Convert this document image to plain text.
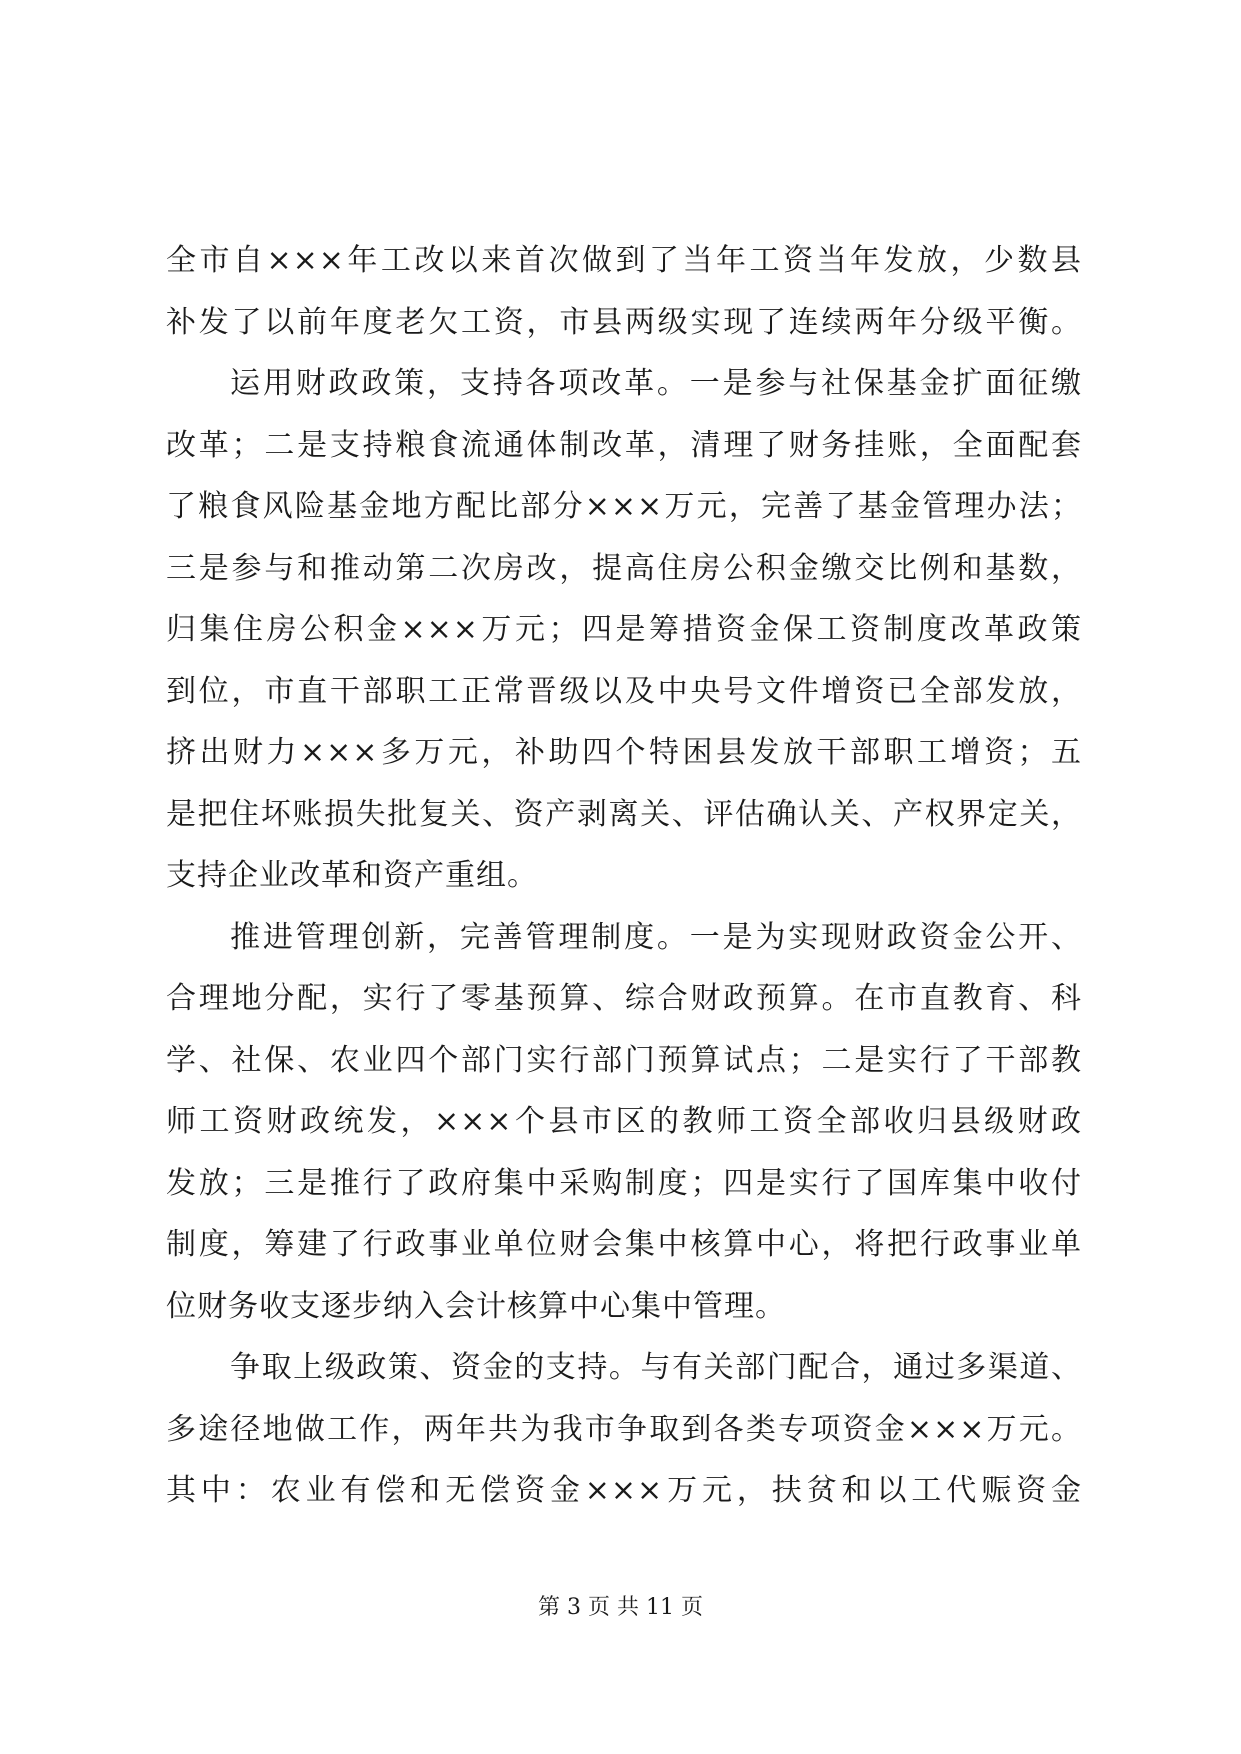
全市自×××年工改以来首次做到了当年工资当年发放，少数县
补发了以前年度老欠工资，市县两级实现了连续两年分级平衡。
运用财政政策，支持各项改革。一是参与社保基金扩面征缴
改革；二是支持粮食流通体制改革，清理了财务挂账，全面配套
了粮食风险基金地方配比部分×××万元，完善了基金管理办法；
三是参与和推动第二次房改，提高住房公积金缴交比例和基数，
归集住房公积金×××万元；四是筹措资金保工资制度改革政策
到位，市直干部职工正常晋级以及中央号文件增资已全部发放，
挤出财力×××多万元，补助四个特困县发放干部职工增资；五
是把住坏账损失批复关、资产剥离关、评估确认关、产权界定关，
支持企业改革和资产重组。
推进管理创新，完善管理制度。一是为实现财政资金公开、
合理地分配，实行了零基预算、综合财政预算。在市直教育、科
学、社保、农业四个部门实行部门预算试点；二是实行了干部教
师工资财政统发，×××个县市区的教师工资全部收归县级财政
发放；三是推行了政府集中采购制度；四是实行了国库集中收付
制度，筹建了行政事业单位财会集中核算中心，将把行政事业单
位财务收支逐步纳入会计核算中心集中管理。
争取上级政策、资金的支持。与有关部门配合，通过多渠道、
多途径地做工作，两年共为我市争取到各类专项资金×××万元。
其中：农业有偿和无偿资金×××万元，扶贫和以工代赈资金
第 3 页 共 11 页
